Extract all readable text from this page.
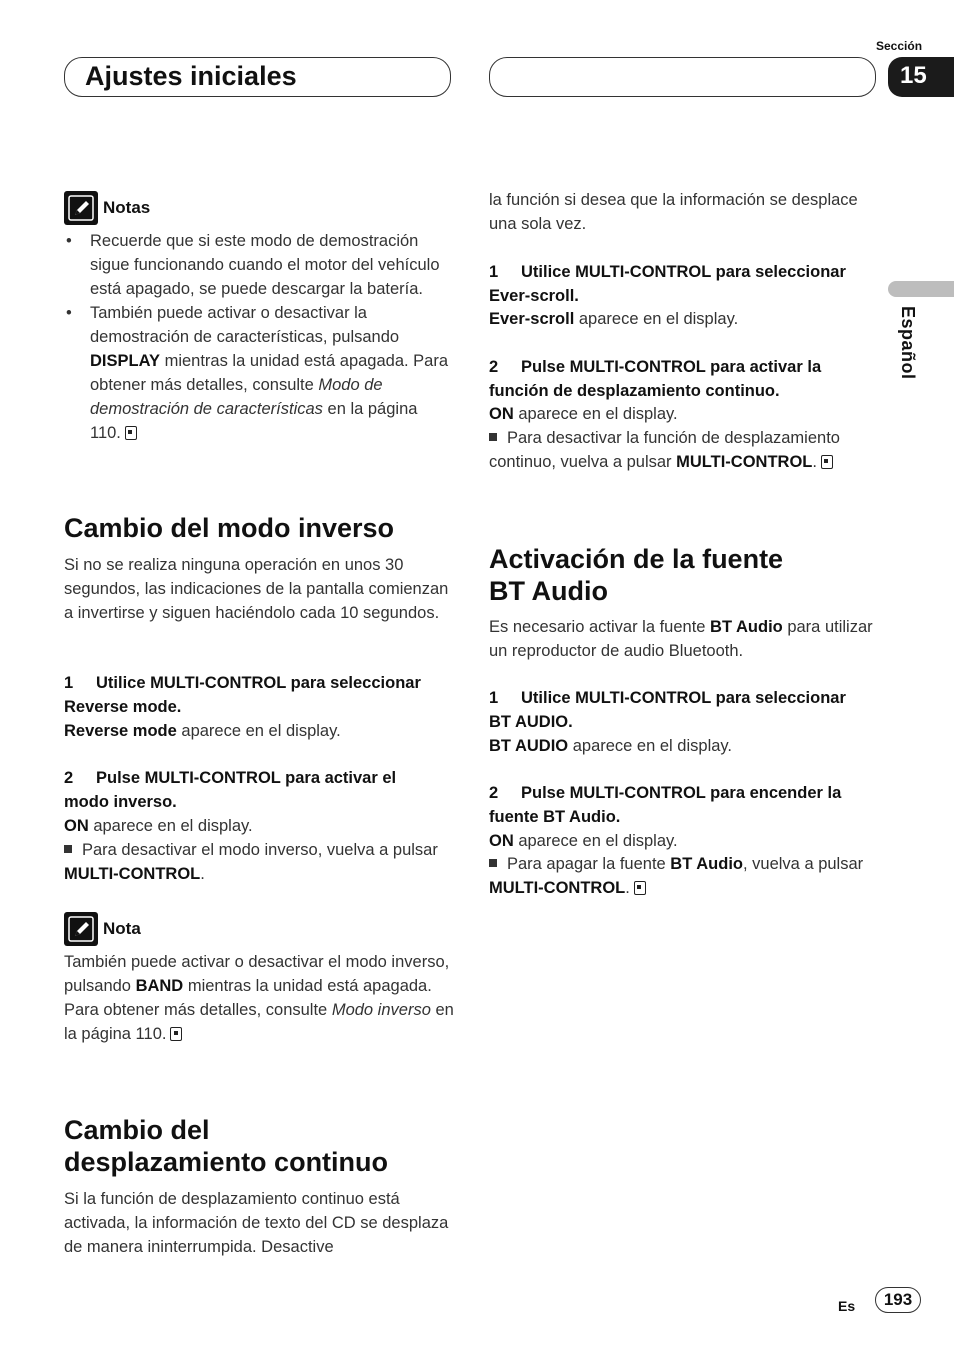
Ajustes iniciales
Sección
15
Español
Notas
• Recuerde que si este modo de demostración sigue funcionando cuando el motor del vehículo está apagado, se puede descargar la batería.
• También puede activar o desactivar la demostración de características, pulsando DISPLAY mientras la unidad está apagada. Para obtener más detalles, consulte Modo de demostración de características en la página 110.
Cambio del modo inverso
Si no se realiza ninguna operación en unos 30 segundos, las indicaciones de la pantalla comienzan a invertirse y siguen haciéndolo cada 10 segundos.
1 Utilice MULTI-CONTROL para seleccionar Reverse mode.
Reverse mode aparece en el display.
2 Pulse MULTI-CONTROL para activar el modo inverso.
ON aparece en el display.
Para desactivar el modo inverso, vuelva a pulsar MULTI-CONTROL.
Nota
También puede activar o desactivar el modo inverso, pulsando BAND mientras la unidad está apagada. Para obtener más detalles, consulte Modo inverso en la página 110.
Cambio del
desplazamiento continuo
Si la función de desplazamiento continuo está activada, la información de texto del CD se desplaza de manera ininterrumpida. Desactive
la función si desea que la información se desplace una sola vez.
1 Utilice MULTI-CONTROL para seleccionar Ever-scroll.
Ever-scroll aparece en el display.
2 Pulse MULTI-CONTROL para activar la función de desplazamiento continuo.
ON aparece en el display.
Para desactivar la función de desplazamiento continuo, vuelva a pulsar MULTI-CONTROL.
Activación de la fuente
BT Audio
Es necesario activar la fuente BT Audio para utilizar un reproductor de audio Bluetooth.
1 Utilice MULTI-CONTROL para seleccionar BT AUDIO.
BT AUDIO aparece en el display.
2 Pulse MULTI-CONTROL para encender la fuente BT Audio.
ON aparece en el display.
Para apagar la fuente BT Audio, vuelva a pulsar MULTI-CONTROL.
Es	193
